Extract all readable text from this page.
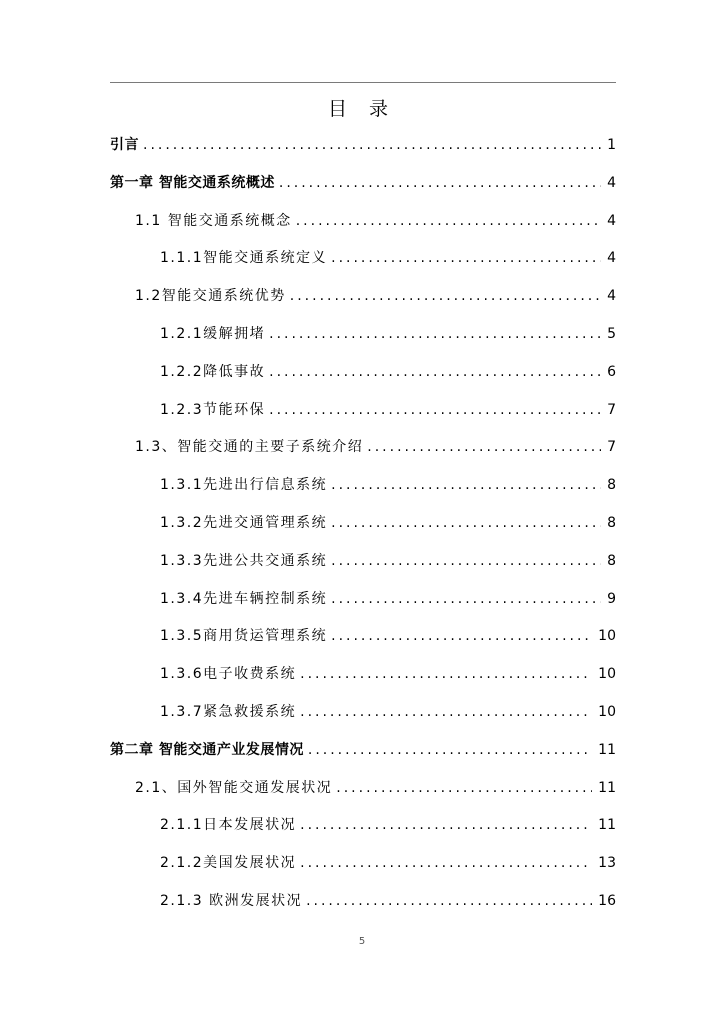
目 录
引言 .....	1
第一章 智能交通系统概述 .....	4
1.1 智能交通系统概念 .....	4
1.1.1智能交通系统定义 .....	4
1.2智能交通系统优势 .....	4
1.2.1缓解拥堵 .....	5
1.2.2降低事故 .....	6
1.2.3节能环保 .....	7
1.3、智能交通的主要子系统介绍 .....	7
1.3.1先进出行信息系统 .....	8
1.3.2先进交通管理系统 .....	8
1.3.3先进公共交通系统 .....	8
1.3.4先进车辆控制系统 .....	9
1.3.5商用货运管理系统 .....	10
1.3.6电子收费系统 .....	10
1.3.7紧急救援系统 .....	10
第二章 智能交通产业发展情况 .....	11
2.1、国外智能交通发展状况 .....	11
2.1.1日本发展状况 .....	11
2.1.2美国发展状况 .....	13
2.1.3 欧洲发展状况 .....	16
5
